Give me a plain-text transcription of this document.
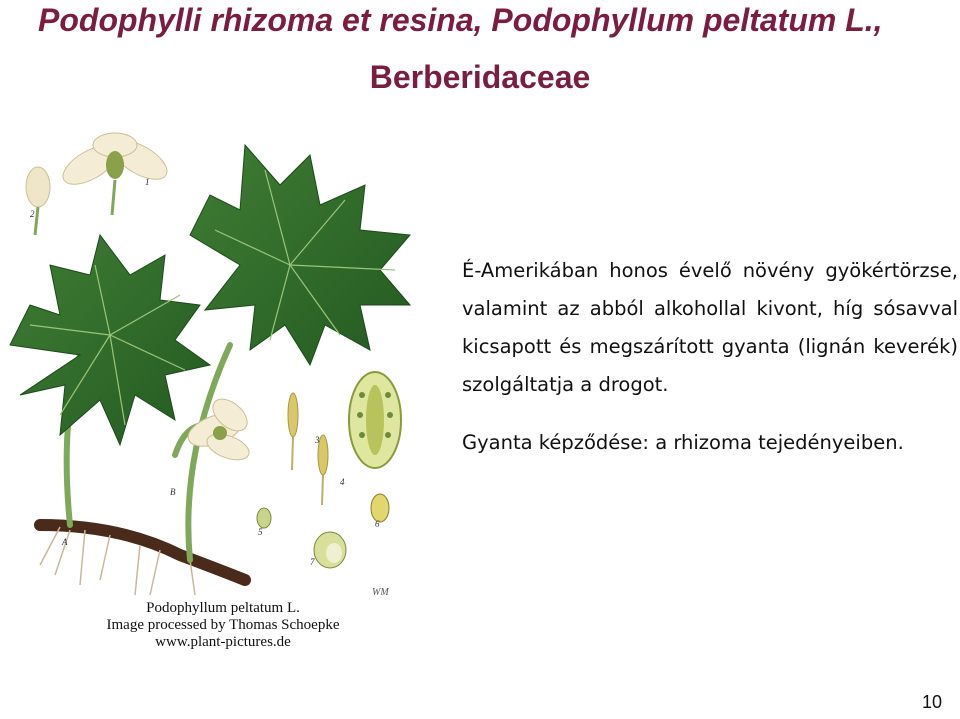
Podophylli rhizoma et resina, Podophyllum peltatum L.,
Berberidaceae
A
B
1
2
3
4
5
6
7
WM
Podophyllum peltatum L.
Image processed by Thomas Schoepke
www.plant-pictures.de
É-Amerikában honos évelő növény gyökértörzse, valamint az abból alkohollal kivont, híg sósavval kicsapott és megszárított gyanta (lignán keverék) szolgáltatja a drogot.
Gyanta képződése: a rhizoma tejedényeiben.
10
